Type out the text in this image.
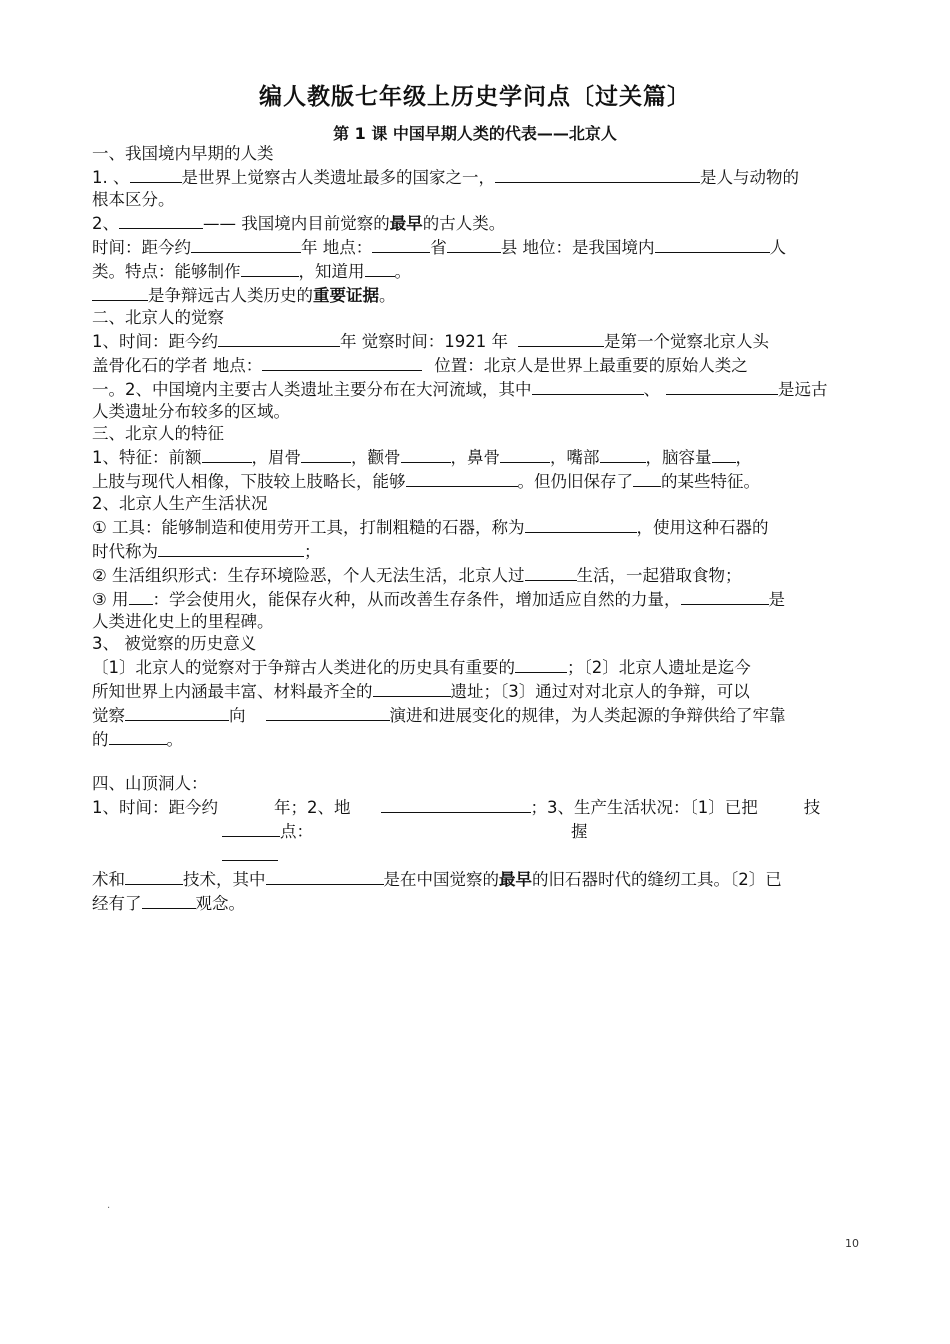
编人教版七年级上历史学问点〔过关篇〕
第 1 课 中国早期人类的代表——北京人

一、我国境内早期的人类

1. 、	是世界上觉察古人类遗址最多的国家之一，	是人与动物的

根本区分。

2、	—— 我国境内目前觉察的最早的古人类。

时间：距今约	年 地点：	省	县 地位：是我国境内	人

类。特点：能够制作	，知道用 。

是争辩远古人类历史的重要证据。

二、北京人的觉察

1、时间：距今约	年 觉察时间：1921 年	是第一个觉察北京人头

盖骨化石的学者 地点：	位置：北京人是世界上最重要的原始人类之

一。2、中国境内主要古人类遗址主要分布在大河流域，其中	、	是远古

人类遗址分布较多的区域。

三、北京人的特征

1、特征：前额	，眉骨	，颧骨	，鼻骨	，嘴部	，脑容量 ，

上肢与现代人相像，下肢较上肢略长，能够	。但仍旧保存了 的某些特征。

2、北京人生产生活状况

① 工具：能够制造和使用劳开工具，打制粗糙的石器，称为	，使用这种石器的

时代称为	；

② 生活组织形式：生存环境险恶，个人无法生活，北京人过	生活，一起猎取食物；

③ 用 ：学会使用火，能保存火种，从而改善生存条件，增加适应自然的力量，	是

人类进化史上的里程碑。

3、 被觉察的历史意义

〔1〕北京人的觉察对于争辩古人类进化的历史具有重要的	；〔2〕北京人遗址是迄今

所知世界上内涵最丰富、材料最齐全的	遗址；〔3〕通过对对北京人的争辩，可以

觉察	向	演进和进展变化的规律，为人类起源的争辩供给了牢靠

的	。

四、山顶洞人：

1、时间：距今约	年；2、地	；3、生产生活状况：〔1〕已把	技

点：	握

术和	技术，其中	是在中国觉察的最早的旧石器时代的缝纫工具。〔2〕已

经有了	观念。

.
10
